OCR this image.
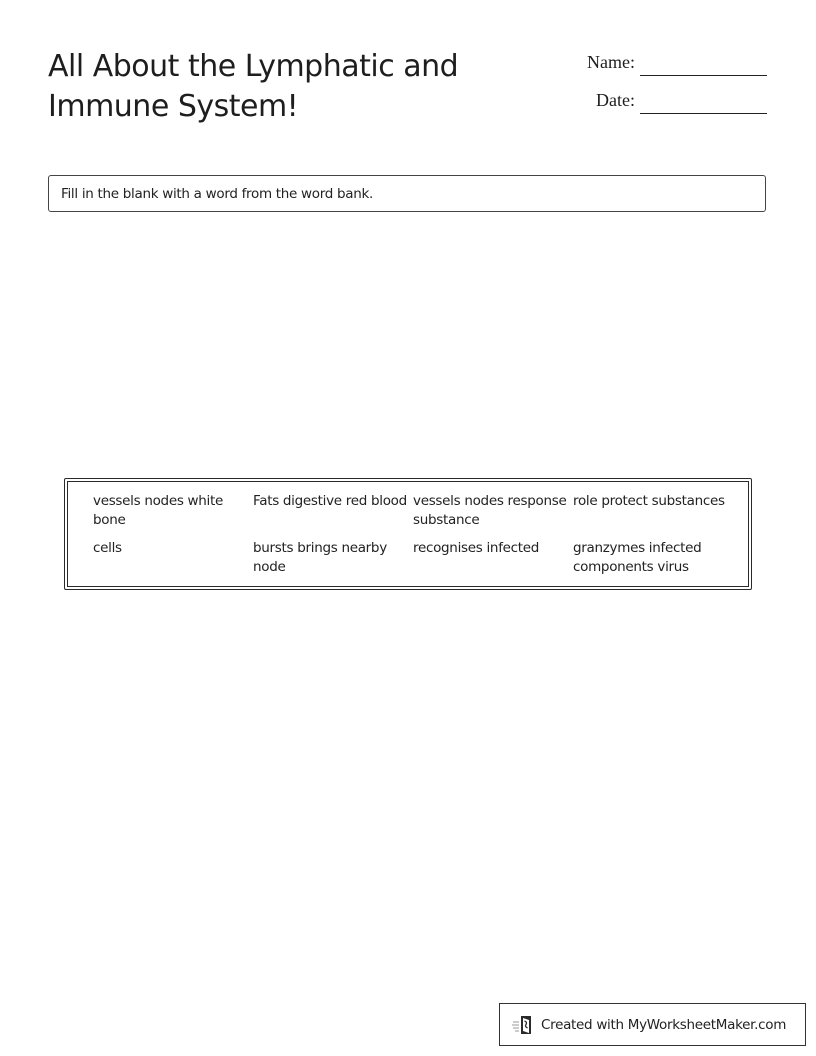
All About the Lymphatic and Immune System!
Name:
Date:
Fill in the blank with a word from the word bank.
vessels nodes white bone
Fats digestive red blood vessels nodes response substance
role protect substances
cells	bursts brings nearby node
recognises infected	granzymes infected components virus
Created with MyWorksheetMaker.com
